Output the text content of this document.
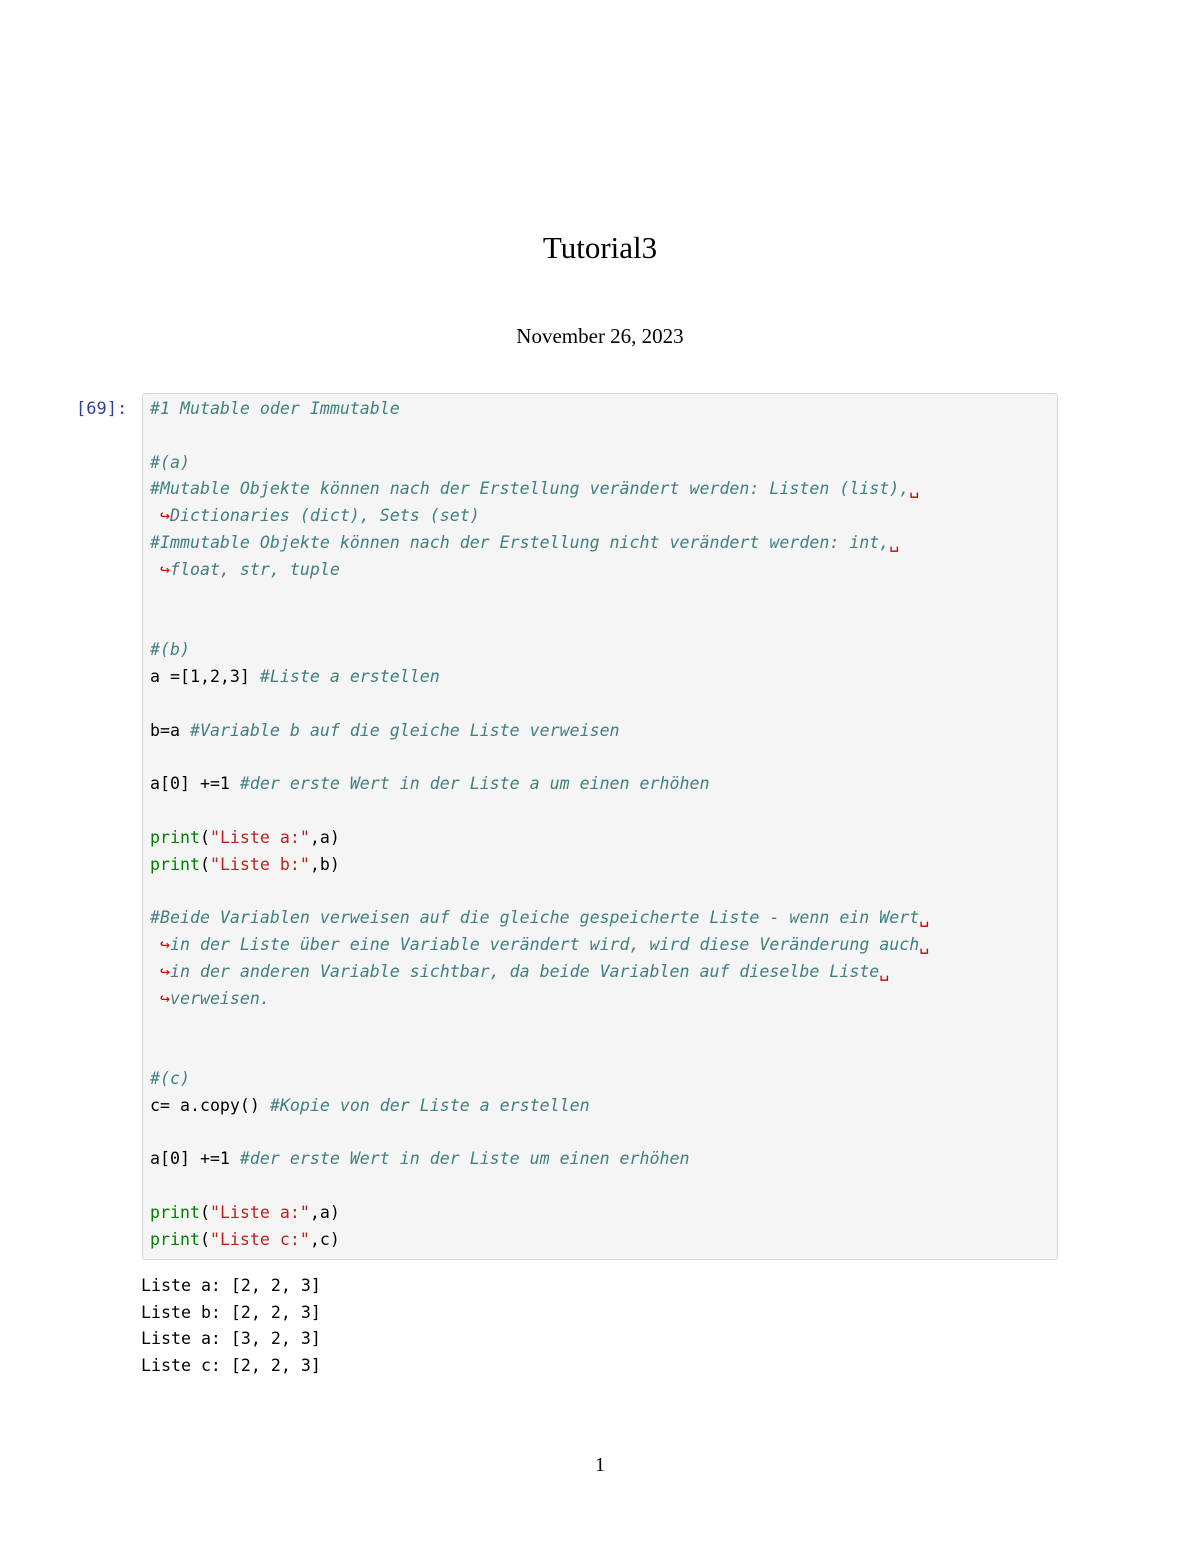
Tutorial3
November 26, 2023
[69]:	#1 Mutable oder Immutable

#(a)
#Mutable Objekte können nach der Erstellung verändert werden: Listen (list),␣
↪Dictionaries (dict), Sets (set)
#Immutable Objekte können nach der Erstellung nicht verändert werden: int,␣
↪float, str, tuple

#(b)
a =[1,2,3] #Liste a erstellen

b=a #Variable b auf die gleiche Liste verweisen

a[0] +=1 #der erste Wert in der Liste a um einen erhöhen

print("Liste a:",a)
print("Liste b:",b)

#Beide Variablen verweisen auf die gleiche gespeicherte Liste - wenn ein Wert␣
↪in der Liste über eine Variable verändert wird, wird diese Veränderung auch␣
↪in der anderen Variable sichtbar, da beide Variablen auf dieselbe Liste␣
↪verweisen.

#(c)
c= a.copy() #Kopie von der Liste a erstellen

a[0] +=1 #der erste Wert in der Liste um einen erhöhen

print("Liste a:",a)
print("Liste c:",c)
Liste a: [2, 2, 3]
Liste b: [2, 2, 3]
Liste a: [3, 2, 3]
Liste c: [2, 2, 3]
1
